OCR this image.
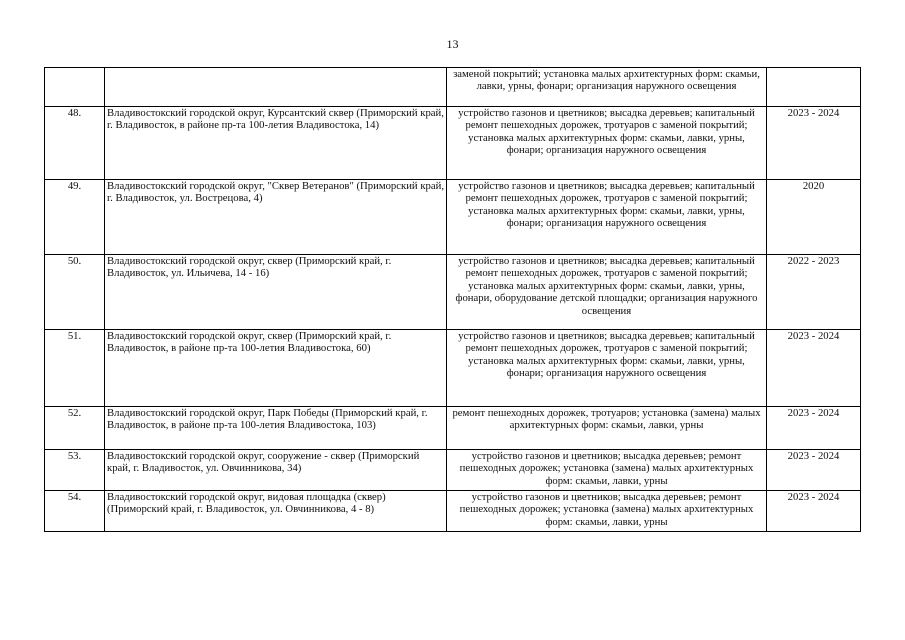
13
		заменой покрытий; установка малых архитектурных форм: скамьи, лавки, урны, фонари; организация наружного освещения	
48.	Владивостокский городской округ, Курсантский сквер (Приморский край, г. Владивосток, в районе пр-та 100-летия Владивостока, 14)	устройство газонов и цветников; высадка деревьев; капитальный ремонт пешеходных дорожек, тротуаров с заменой покрытий; установка малых архитектурных форм: скамьи, лавки, урны, фонари; организация наружного освещения	2023 - 2024
49.	Владивостокский городской округ, "Сквер Ветеранов" (Приморский край, г. Владивосток, ул. Вострецова, 4)	устройство газонов и цветников; высадка деревьев; капитальный ремонт пешеходных дорожек, тротуаров с заменой покрытий; установка малых архитектурных форм: скамьи, лавки, урны, фонари; организация наружного освещения	2020
50.	Владивостокский городской округ, сквер (Приморский край, г. Владивосток, ул. Ильичева, 14 - 16)	устройство газонов и цветников; высадка деревьев; капитальный ремонт пешеходных дорожек, тротуаров с заменой покрытий; установка малых архитектурных форм: скамьи, лавки, урны, фонари, оборудование детской площадки; организация наружного освещения	2022 - 2023
51.	Владивостокский городской округ, сквер (Приморский край, г. Владивосток, в районе пр-та 100-летия Владивостока, 60)	устройство газонов и цветников; высадка деревьев; капитальный ремонт пешеходных дорожек, тротуаров с заменой покрытий; установка малых архитектурных форм: скамьи, лавки, урны, фонари; организация наружного освещения	2023 - 2024
52.	Владивостокский городской округ, Парк Победы (Приморский край, г. Владивосток, в районе пр-та 100-летия Владивостока, 103)	ремонт пешеходных дорожек, тротуаров; установка (замена) малых архитектурных форм: скамьи, лавки, урны	2023 - 2024
53.	Владивостокский городской округ, сооружение - сквер (Приморский край, г. Владивосток, ул. Овчинникова, 34)	устройство газонов и цветников; высадка деревьев; ремонт пешеходных дорожек; установка (замена) малых архитектурных форм: скамьи, лавки, урны	2023 - 2024
54.	Владивостокский городской округ, видовая площадка (сквер) (Приморский край, г. Владивосток, ул. Овчинникова, 4 - 8)	устройство газонов и цветников; высадка деревьев; ремонт пешеходных дорожек; установка (замена) малых архитектурных форм: скамьи, лавки, урны	2023 - 2024
